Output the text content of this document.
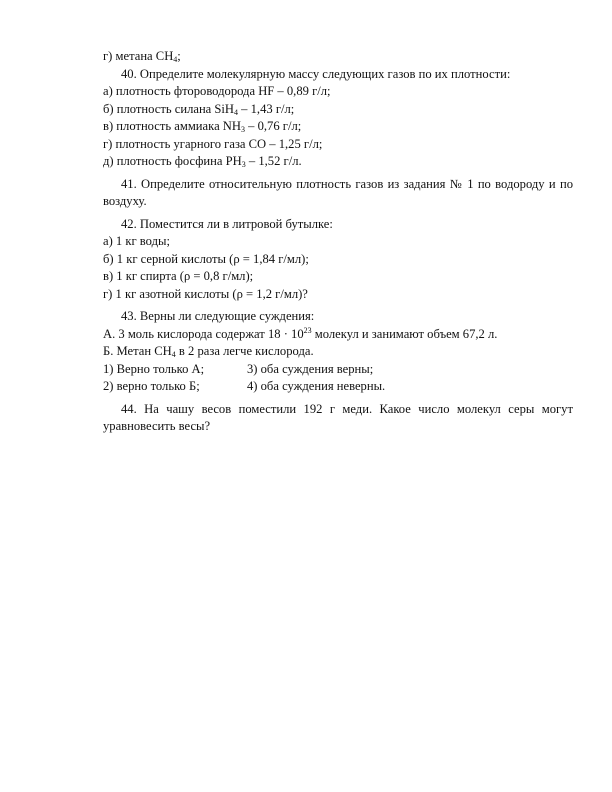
г) метана $СН_4$;
40. Определите молекулярную массу следующих газов по их плотности:
а) плотность фтороводорода HF – 0,89 г/л;
б) плотность силана SiH$_4$ – 1,43 г/л;
в) плотность аммиака $NH_3 - 0,76$ г/л;
г) плотность угарного газа СО – 1,25 г/л;
д) плотность фосфина $РН_3 - 1,52$ г/л.
41. Определите относительную плотность газов из задания № 1 по водороду и по воздуху.
42. Поместится ли в литровой бутылке:
а) 1 кг воды;
б) 1 кг серной кислоты (ρ = 1,84 г/мл);
в) 1 кг спирта (ρ = 0,8 г/мл);
г) 1 кг азотной кислоты (ρ = 1,2 г/мл)?
43. Верны ли следующие суждения:
А. 3 моль кислорода содержат $18 \cdot 10^{23}$ молекул и занимают объем 67,2 л.
Б. Метан $СН_4$ в 2 раза легче кислорода.
1) Верно только А;	3) оба суждения верны;
2) верно только Б;	4) оба суждения неверны.
44. На чашу весов поместили 192 г меди. Какое число молекул серы могут уравновесить весы?
